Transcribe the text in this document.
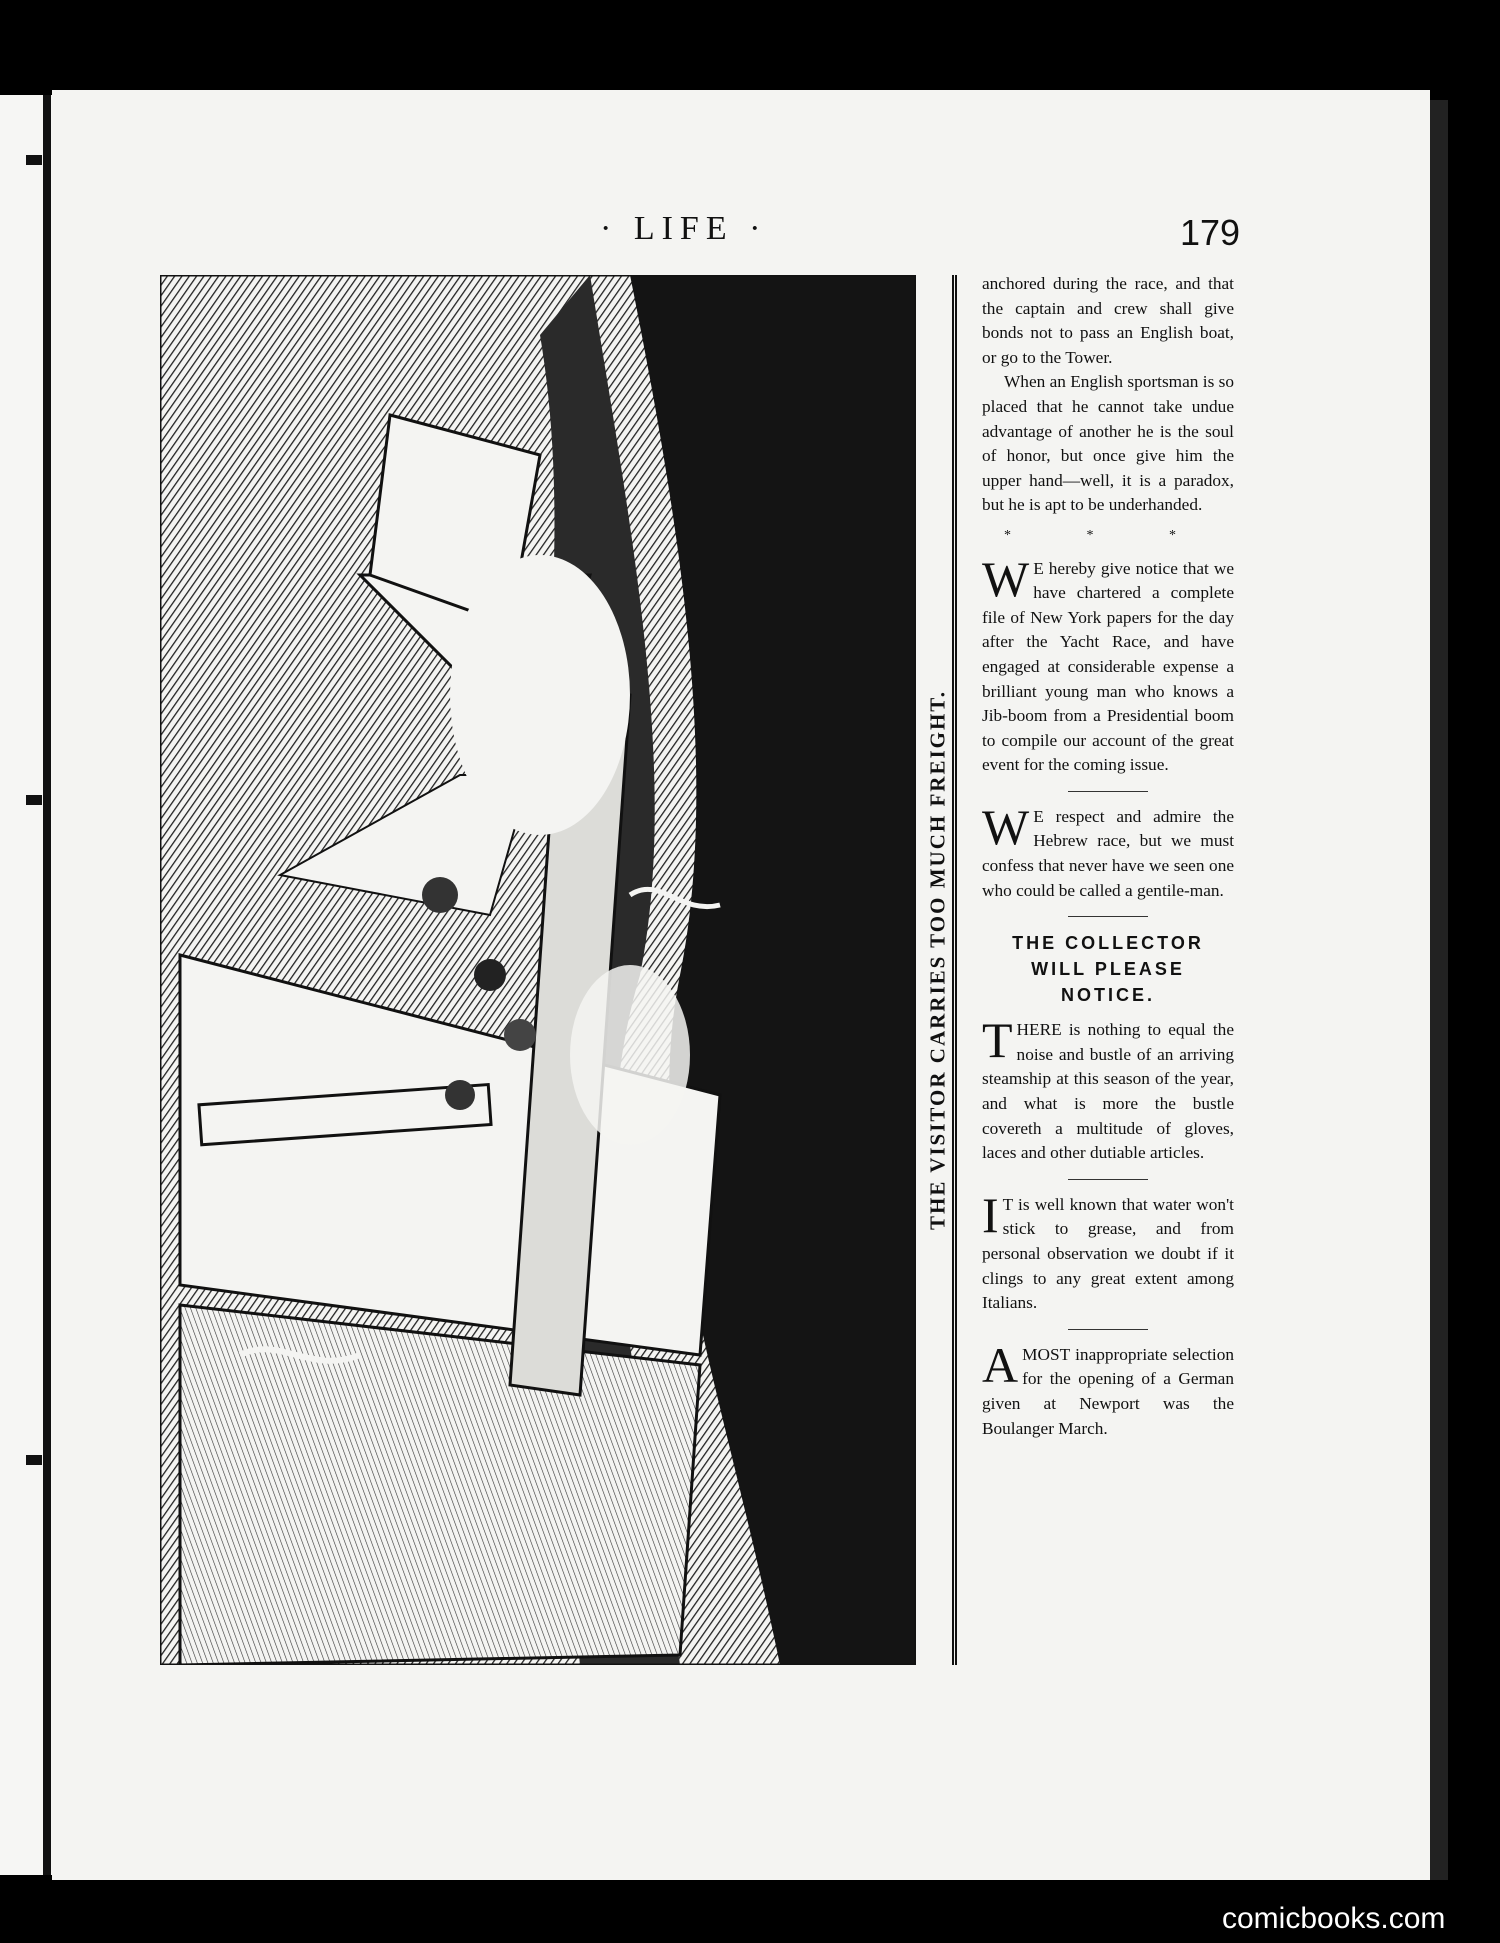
· LIFE ·	179
THE VISITOR CARRIES TOO MUCH FREIGHT.

anchored during the race, and that the captain and crew shall give bonds not to pass an English boat, or go to the Tower.

When an English sportsman is so placed that he cannot take undue advantage of another he is the soul of honor, but once give him the upper hand—well, it is a paradox, but he is apt to be underhanded.

* * *

W E hereby give notice that we have chartered a complete file of New York papers for the day after the Yacht Race, and have engaged at considerable expense a brilliant young man who knows a Jib-boom from a Presidential boom to compile our account of the great event for the coming issue.

W E respect and admire the Hebrew race, but we must confess that never have we seen one who could be called a gentile-man.

THE COLLECTOR WILL PLEASE NOTICE.

THERE is nothing to equal the noise and bustle of an arriving steamship at this season of the year, and what is more the bustle covereth a multitude of gloves, laces and other dutiable articles.

I T is well known that water won't stick to grease, and from personal observation we doubt if it clings to any great extent among Italians.

AMOST inappropriate selection for the opening of a German given at Newport was the Boulanger March.

comicbooks.com
